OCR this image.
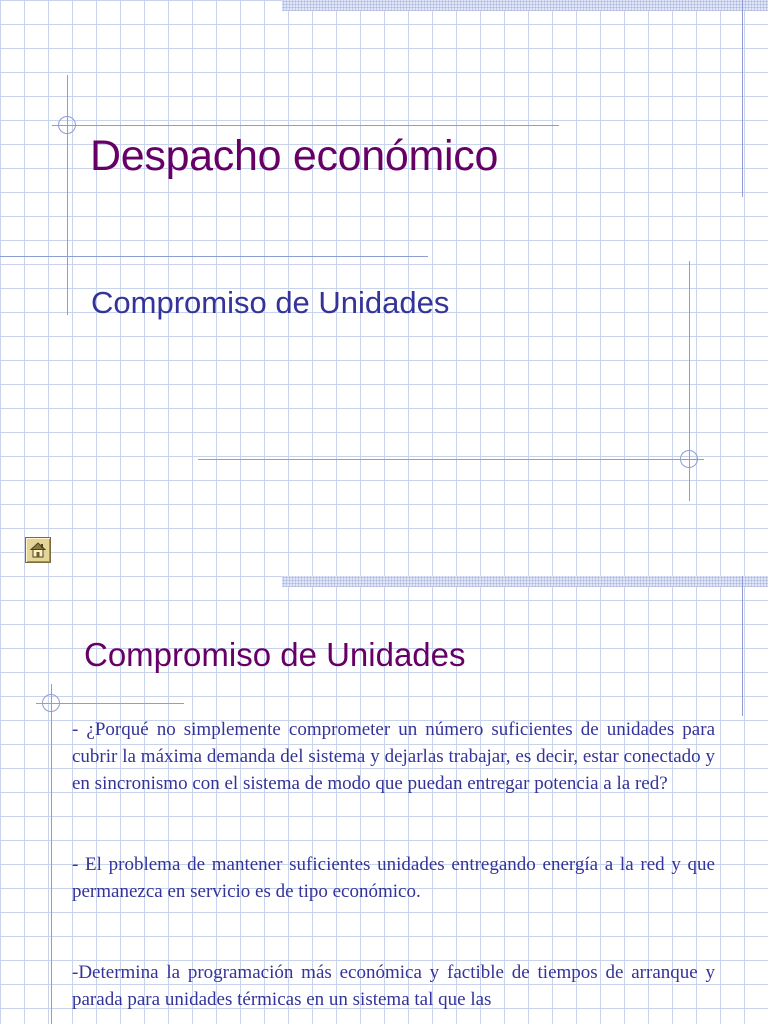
Despacho económico
Compromiso de Unidades
Compromiso de Unidades

- ¿Porqué no simplemente comprometer un número suficientes de unidades para cubrir la máxima demanda del sistema y dejarlas trabajar, es decir, estar conectado y en sincronismo con el sistema de modo que puedan entregar potencia a la red?

- El problema de mantener suficientes unidades entregando energía a la red y que permanezca en servicio es de tipo económico.

-Determina la programación más económica y factible de tiempos de arranque y parada para unidades térmicas en un sistema tal que las
